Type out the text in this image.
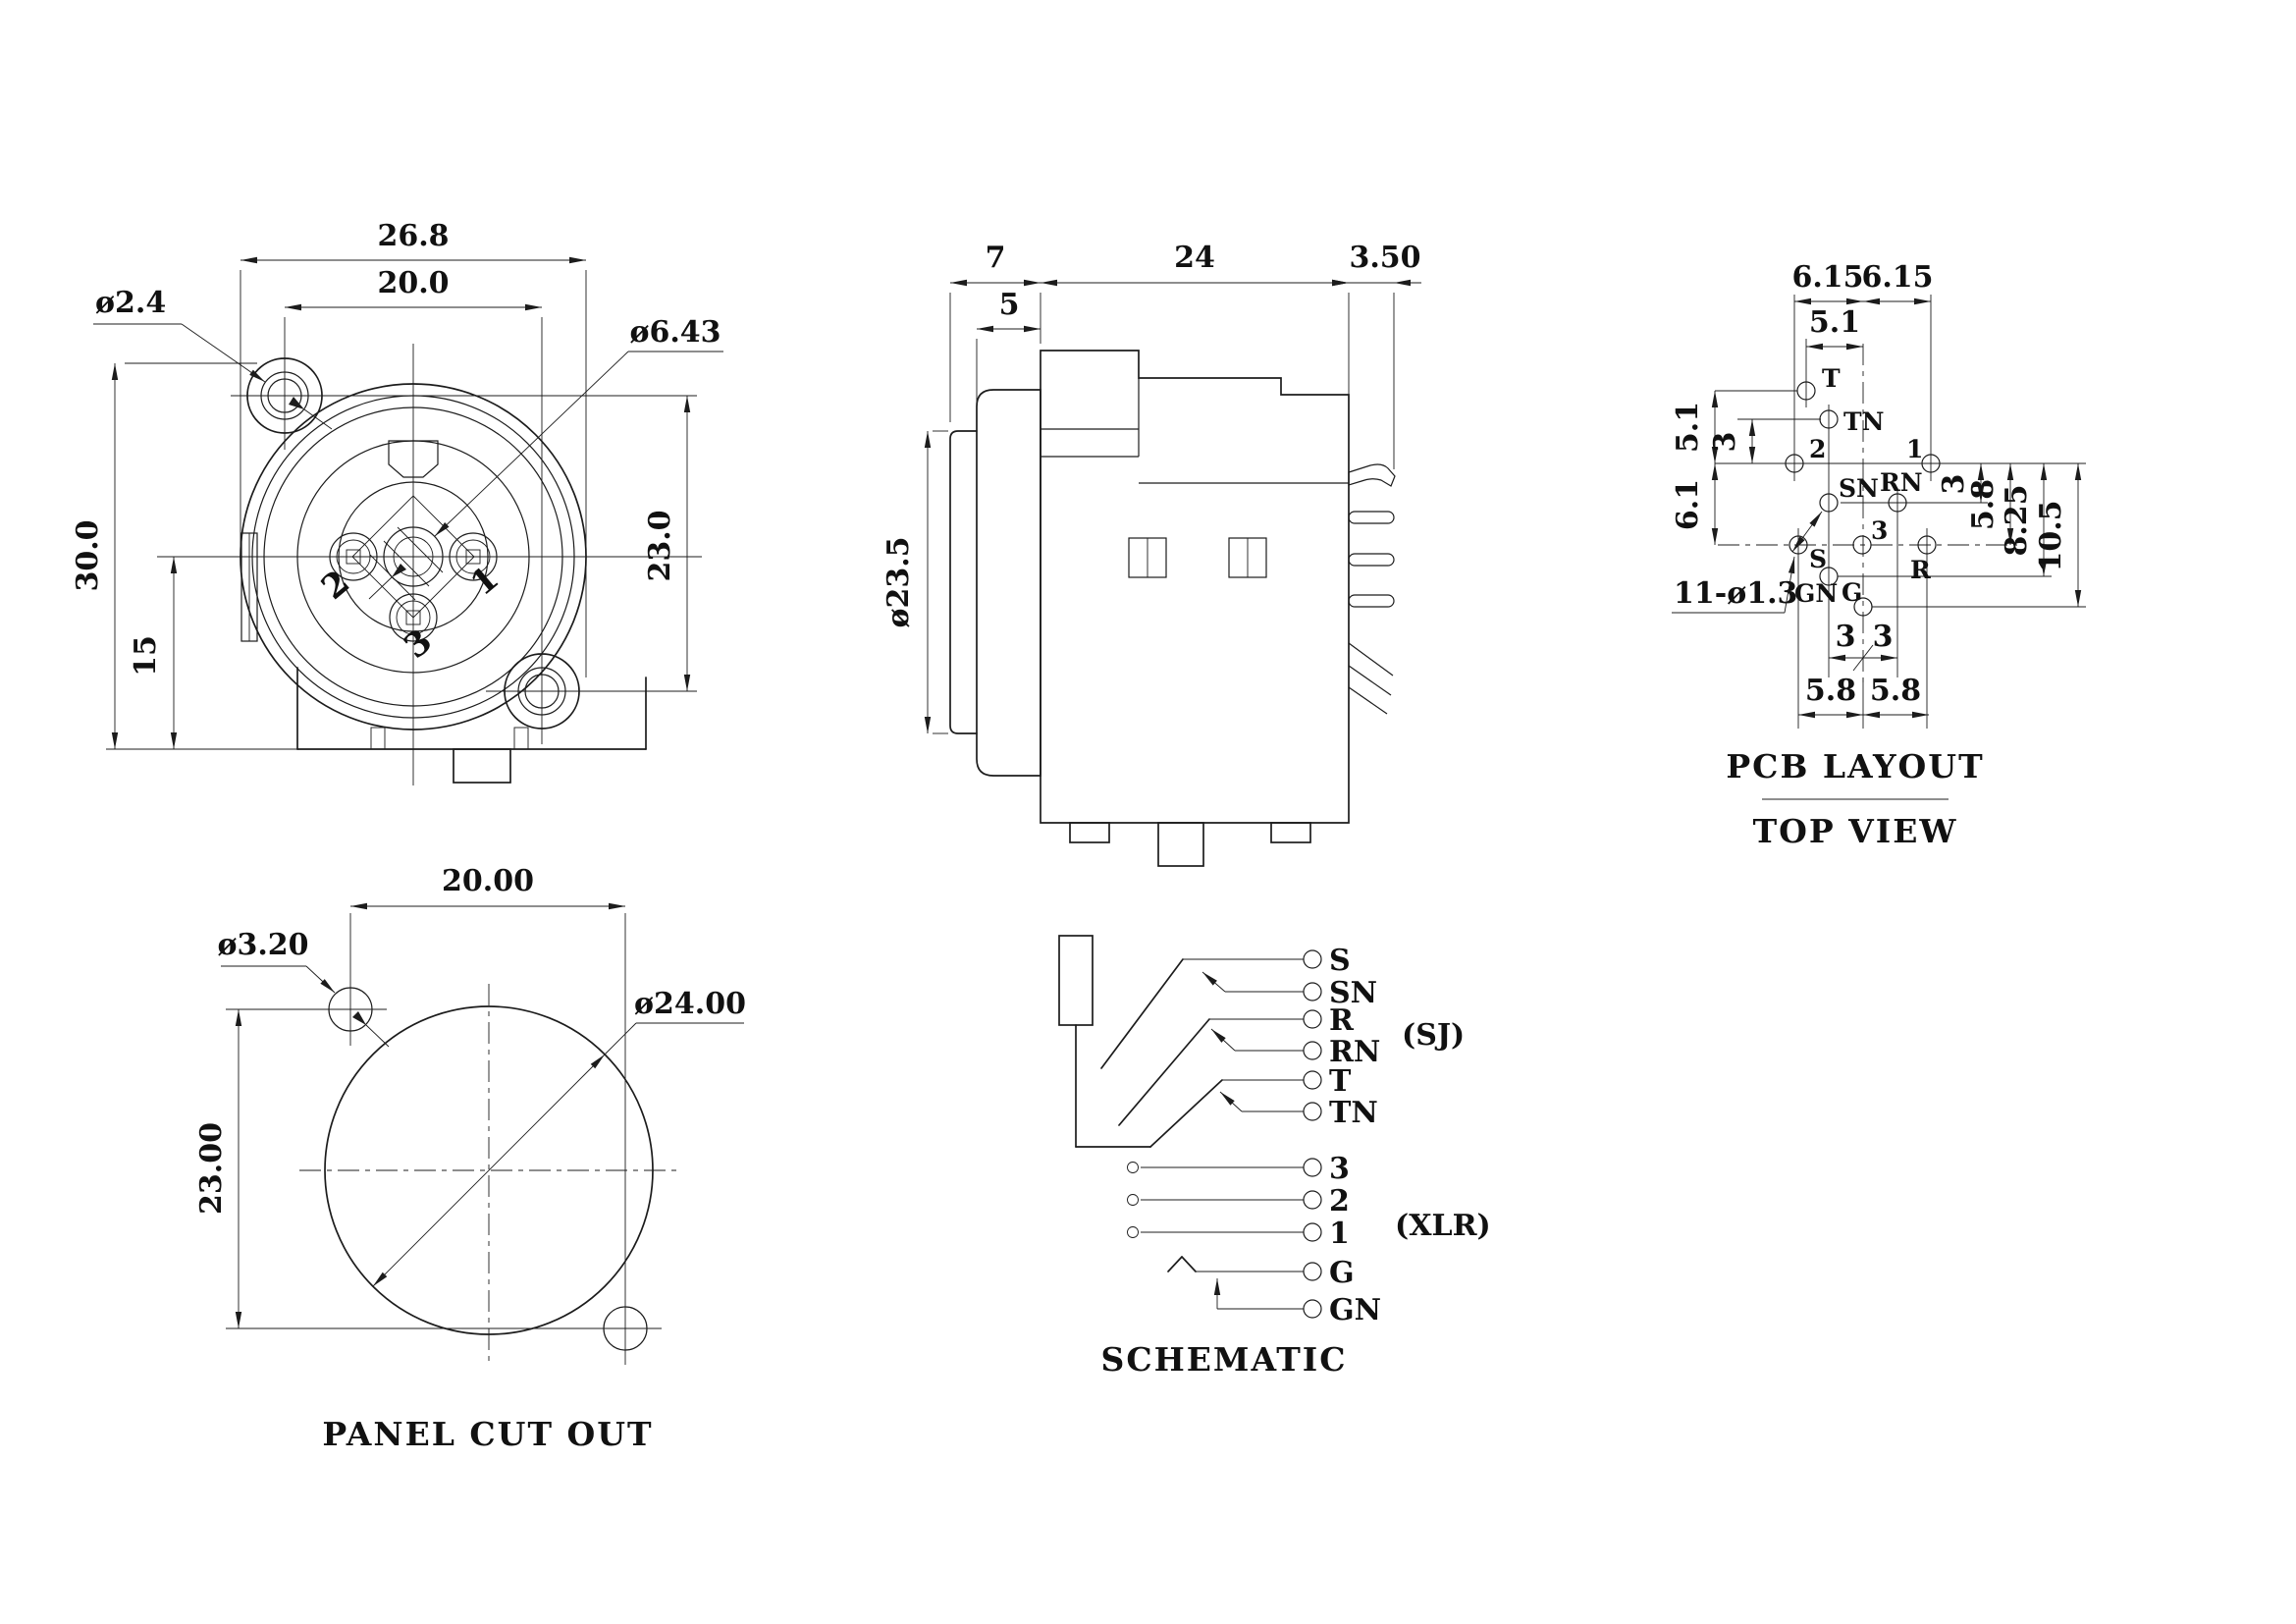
2
3
1
26.8
20.0
30.0
15
23.0
ø2.4
ø6.43
7
5
24	3.50
ø23.5
T
TN
2	1
SN RN
S
3
R
GN G
6.15
6.15
5.1
5.1 3
6.1	3
5.8 8.25 10.5
3 3
5.8 5.8
11-ø1.3
PCB LAYOUT
TOP VIEW
ø24.00
ø3.20
20.00
23.00
PANEL CUT OUT
S
SN
R
RN
T
TN
(SJ)
3
2
1 (XLR)
G
GN
SCHEMATIC
